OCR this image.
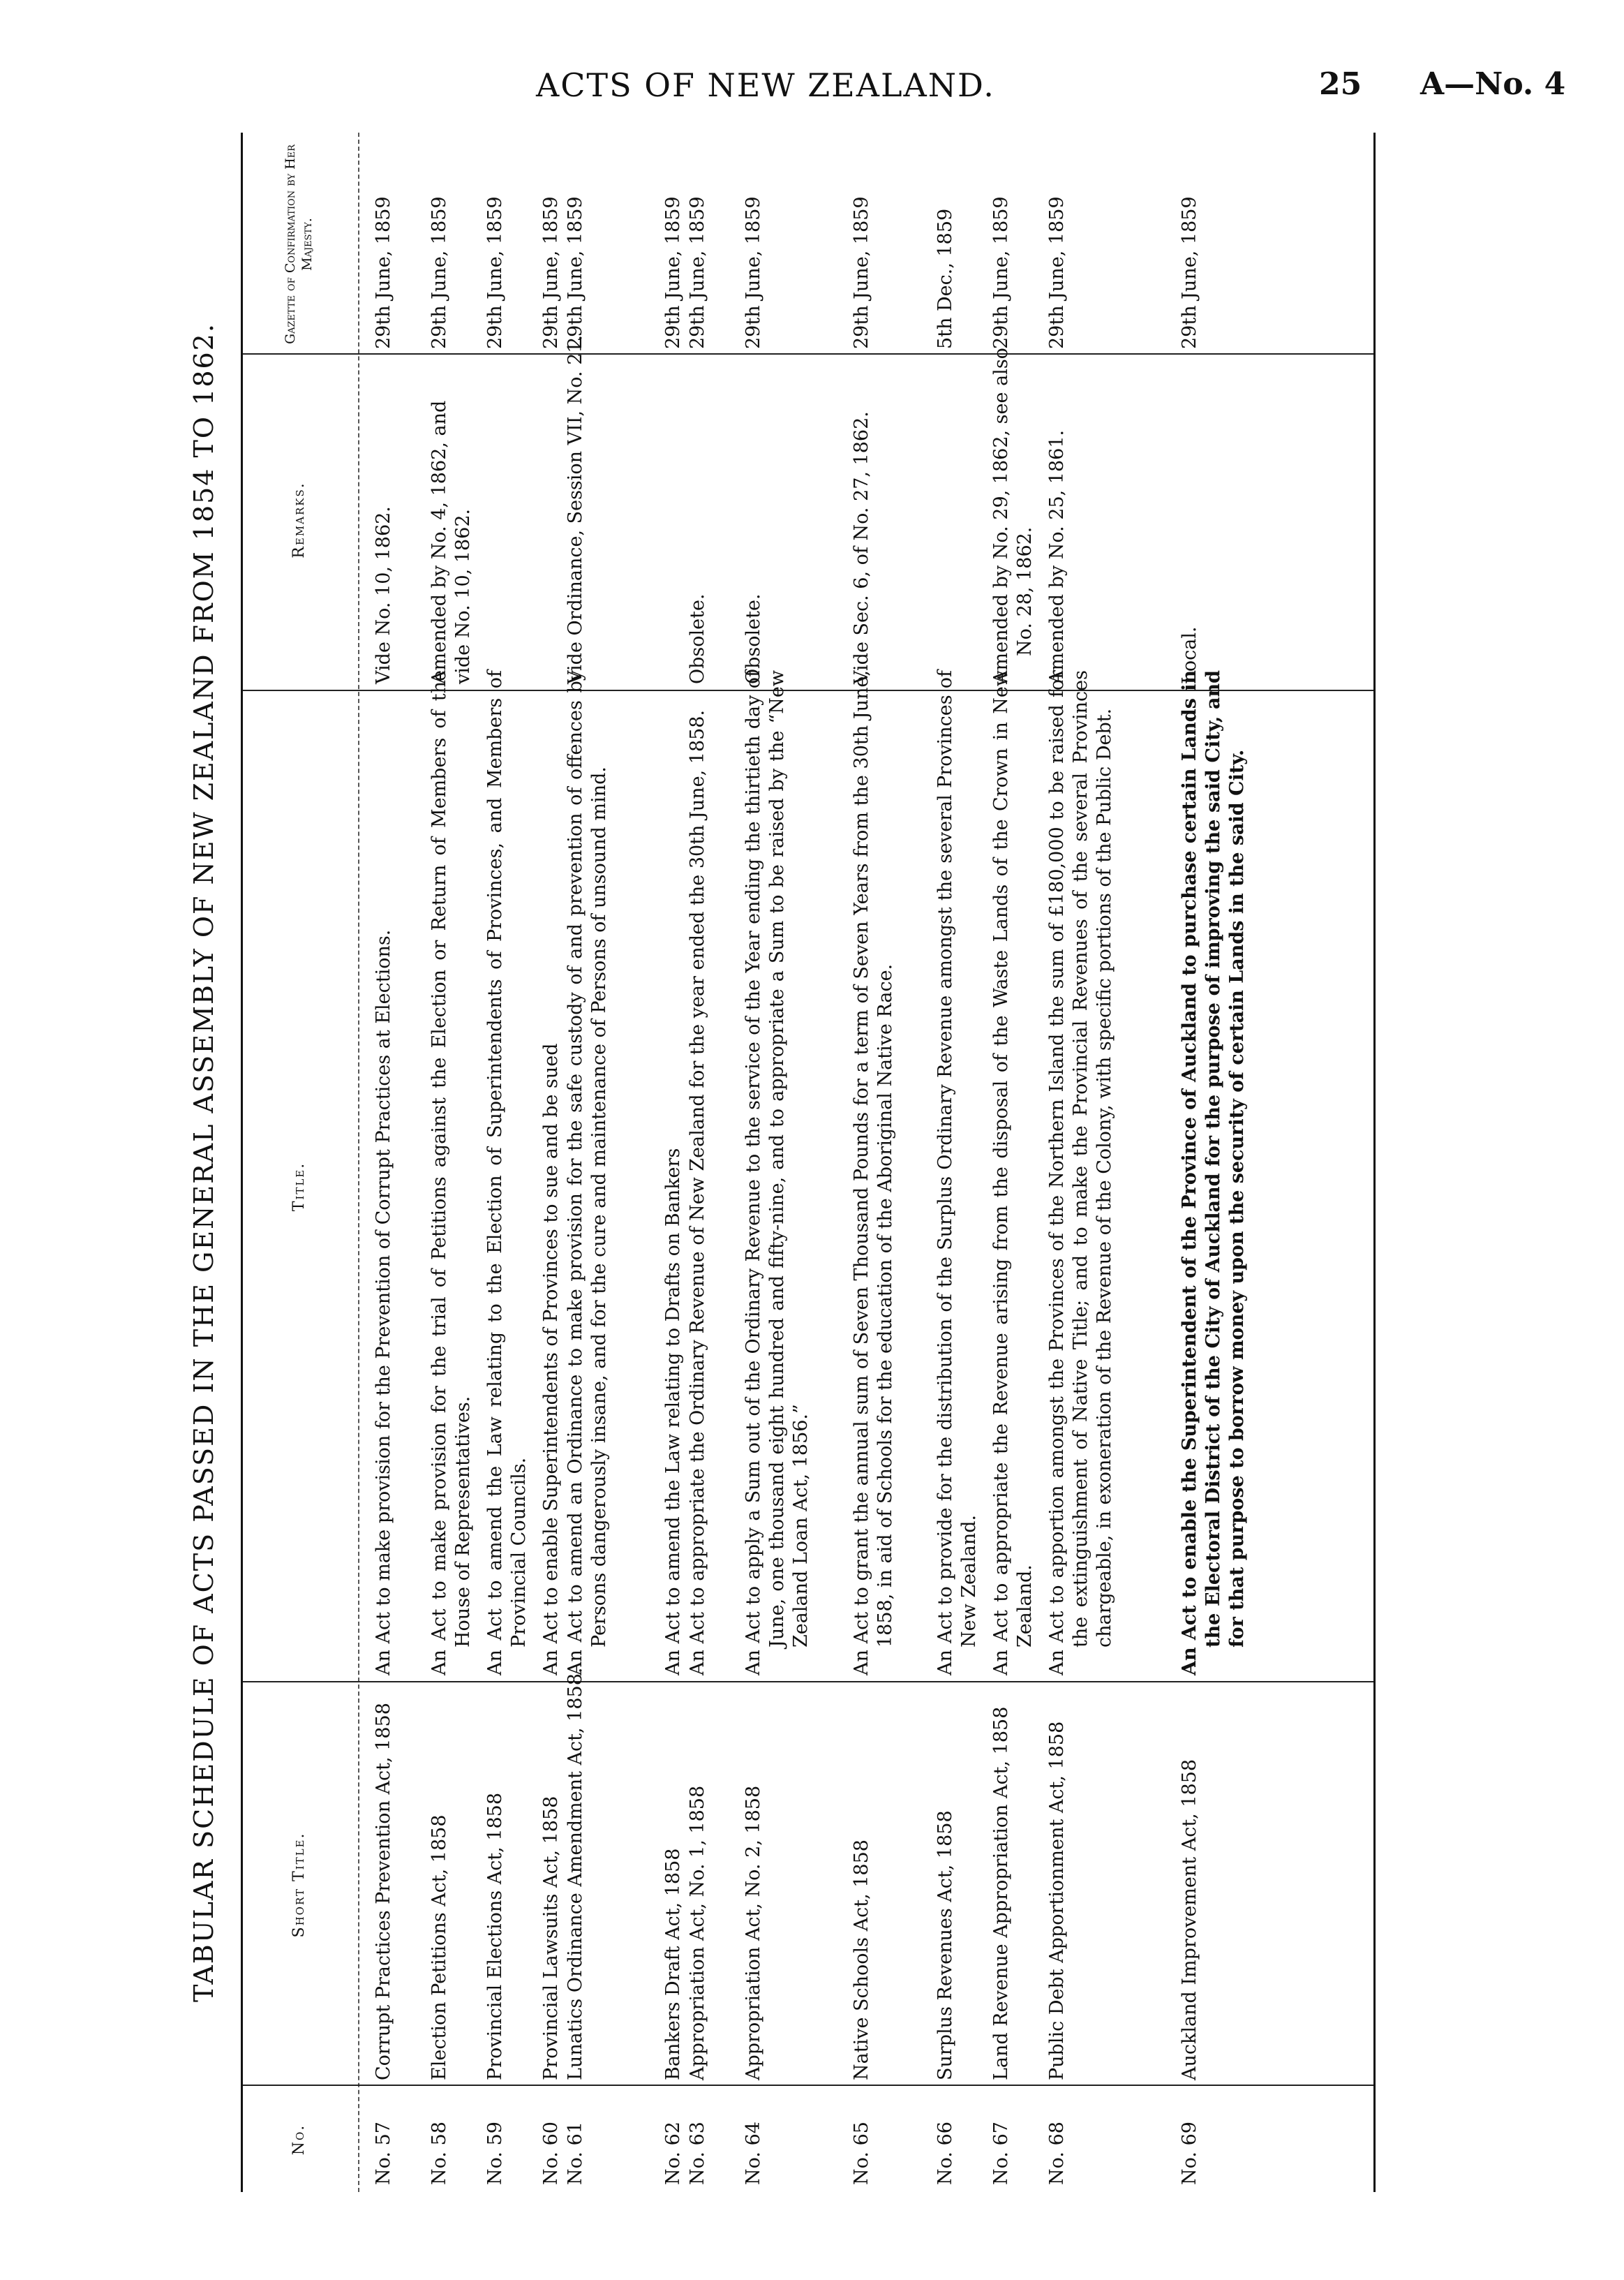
ACTS OF NEW ZEALAND.	25 A—No. 4
TABULAR SCHEDULE OF ACTS PASSED IN THE GENERAL ASSEMBLY OF NEW ZEALAND FROM 1854 TO 1862.
No.
Short Title.
Title.
Remarks.
Gazette of Confirmation by Her Majesty.
No. 57
Corrupt Practices Prevention Act, 1858
An Act to make provision for the Prevention of Corrupt Practices at Elections.
Vide No. 10, 1862.
29th June, 1859
No. 58
Election Petitions Act, 1858
An Act to make provision for the trial of Petitions against the Election or Return of Members of the House of Representatives.
Amended by No. 4, 1862, and vide No. 10, 1862.
29th June, 1859
No. 59
Provincial Elections Act, 1858
An Act to amend the Law relating to the Election of Superintendents of Provinces, and Members of Provincial Councils.
29th June, 1859
No. 60
Provincial Lawsuits Act, 1858
An Act to enable Superintendents of Provinces to sue and be sued
29th June, 1859
No. 61
Lunatics Ordinance Amendment Act, 1858.
An Act to amend an Ordinance to make provision for the safe custody of and prevention of offences by Persons dangerously insane, and for the cure and maintenance of Persons of unsound mind.
Vide Ordinance, Session VII, No. 21.
29th June, 1859
No. 62
Bankers Draft Act, 1858
An Act to amend the Law relating to Drafts on Bankers
29th June, 1859
No. 63
Appropriation Act, No. 1, 1858
An Act to appropriate the Ordinary Revenue of New Zealand for the year ended the 30th June, 1858.
Obsolete.
29th June, 1859
No. 64
Appropriation Act, No. 2, 1858
An Act to apply a Sum out of the Ordinary Revenue to the service of the Year ending the thirtieth day of June, one thousand eight hundred and fifty-nine, and to appropriate a Sum to be raised by the “New Zealand Loan Act, 1856.”
Obsolete.
29th June, 1859
No. 65
Native Schools Act, 1858
An Act to grant the annual sum of Seven Thousand Pounds for a term of Seven Years from the 30th June, 1858, in aid of Schools for the education of the Aboriginal Native Race.
Vide Sec. 6, of No. 27, 1862.
29th June, 1859
No. 66
Surplus Revenues Act, 1858
An Act to provide for the distribution of the Surplus Ordinary Revenue amongst the several Provinces of New Zealand.
5th Dec., 1859
No. 67
Land Revenue Appropriation Act, 1858
An Act to appropriate the Revenue arising from the disposal of the Waste Lands of the Crown in New Zealand.
Amended by No. 29, 1862, see also No. 28, 1862.
29th June, 1859
No. 68
Public Debt Apportionment Act, 1858
An Act to apportion amongst the Provinces of the Northern Island the sum of £180,000 to be raised for the extinguishment of Native Title; and to make the Provincial Revenues of the several Provinces chargeable, in exoneration of the Revenue of the Colony, with specific portions of the Public Debt.
Amended by No. 25, 1861.
29th June, 1859
No. 69
Auckland Improvement Act, 1858
An Act to enable the Superintendent of the Province of Auckland to purchase certain Lands in the Electoral District of the City of Auckland for the purpose of improving the said City, and for that purpose to borrow money upon the security of certain Lands in the said City.
Local.
29th June, 1859
